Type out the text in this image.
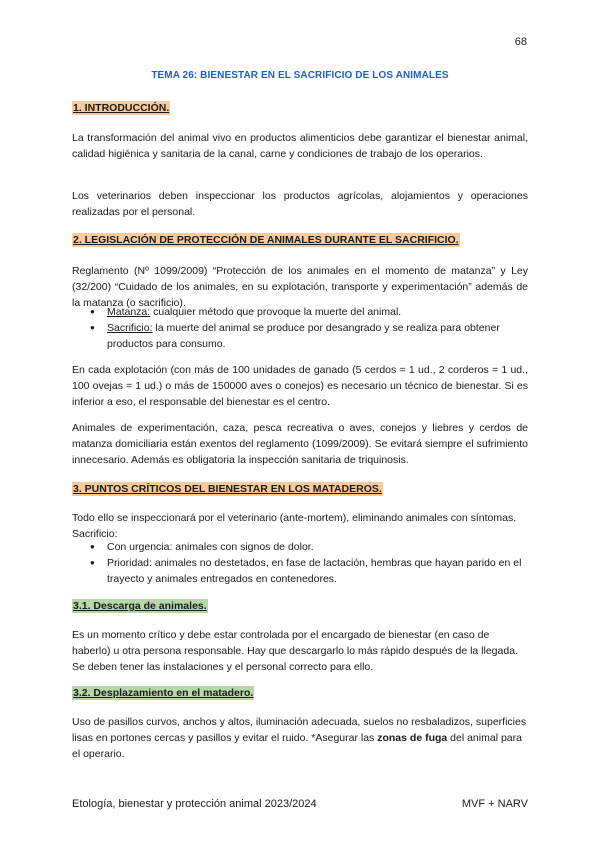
68
TEMA 26: BIENESTAR EN EL SACRIFICIO DE LOS ANIMALES
1. INTRODUCCIÓN.

La transformación del animal vivo en productos alimenticios debe garantizar el bienestar animal, calidad higiénica y sanitaria de la canal, carne y condiciones de trabajo de los operarios.

Los veterinarios deben inspeccionar los productos agrícolas, alojamientos y operaciones realizadas por el personal.

2. LEGISLACIÓN DE PROTECCIÓN DE ANIMALES DURANTE EL SACRIFICIO.

Reglamento (Nº 1099/2009) “Protección de los animales en el momento de matanza” y Ley (32/200) “Cuidado de los animales, en su explotación, transporte y experimentación” además de la matanza (o sacrificio).

● Matanza: cualquier método que provoque la muerte del animal.
● Sacrificio: la muerte del animal se produce por desangrado y se realiza para obtener productos para consumo.

En cada explotación (con más de 100 unidades de ganado (5 cerdos = 1 ud., 2 corderos = 1 ud., 100 ovejas = 1 ud.) o más de 150000 aves o conejos) es necesario un técnico de bienestar. Si es inferior a eso, el responsable del bienestar es el centro.

Animales de experimentación, caza, pesca recreativa o aves, conejos y liebres y cerdos de matanza domiciliaria están exentos del reglamento (1099/2009). Se evitará siempre el sufrimiento innecesario. Además es obligatoria la inspección sanitaria de triquinosis.

3. PUNTOS CRÍTICOS DEL BIENESTAR EN LOS MATADEROS.

Todo ello se inspeccionará por el veterinario (ante-mortem), eliminando animales con síntomas. Sacrificio:

● Con urgencia: animales con signos de dolor.
● Prioridad: animales no destetados, en fase de lactación, hembras que hayan parido en el trayecto y animales entregados en contenedores.
3.1. Descarga de animales.

Es un momento crítico y debe estar controlada por el encargado de bienestar (en caso de haberlo) u otra persona responsable. Hay que descargarlo lo más rápido después de la llegada. Se deben tener las instalaciones y el personal correcto para ello.

3.2. Desplazamiento en el matadero.

Uso de pasillos curvos, anchos y altos, iluminación adecuada, suelos no resbaladizos, superficies lisas en portones cercas y pasillos y evitar el ruido. *Asegurar las zonas de fuga del animal para el operario.

Etología, bienestar y protección animal 2023/2024	MVF + NARV
